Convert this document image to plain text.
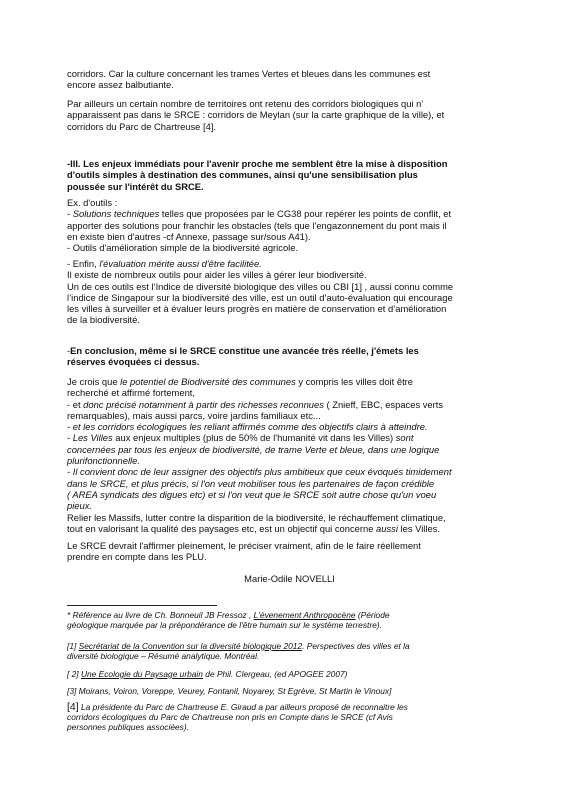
corridors. Car la culture concernant les trames Vertes et bleues dans les communes est

encore assez balbutiante.

Par ailleurs un certain nombre de territoires ont retenu des corridors biologiques qui n'

apparaissent pas dans le SRCE : corridors de Meylan (sur la carte graphique de la ville), et

corridors du Parc de Chartreuse [4].

-III. Les enjeux immédiats pour l'avenir proche me semblent être la mise à disposition

d'outils simples à destination des communes, ainsi qu'une sensibilisation plus

poussée sur l'intérêt du SRCE.

Ex. d'outils :

- Solutions techniques telles que proposées par le CG38 pour repérer les points de conflit, et

apporter des solutions pour franchir les obstacles (tels que l'engazonnement du pont mais il

en existe bien d'autres -cf Annexe, passage sur/sous A41).

- Outils d'amélioration simple de la biodiversité agricole.

- Enfin, l'évaluation mérite aussi d'être facilitée.

Il existe de nombreux outils pour aider les villes à gérer leur biodiversité.

Un de ces outils est l’Indice de diversité biologique des villes ou CBI [1] , aussi connu comme

l’indice de Singapour sur la biodiversité des ville, est un outil d’auto-évaluation qui encourage

les villes à surveiller et à évaluer leurs progrès en matière de conservation et d’amélioration

de la biodiversité.

-En conclusion, même si le SRCE constitue une avancée très réelle, j'émets les

réserves évoquées ci dessus.

Je crois que le potentiel de Biodiversité des communes y compris les villes doit être

recherché et affirmé fortement,

- et donc précisé notamment à partir des richesses reconnues ( Znieff, EBC, espaces verts

remarquables), mais aussi parcs, voire jardins familiaux etc...

- et les corridors écologiques les reliant affirmés comme des objectifs clairs à atteindre.

- Les Villes aux enjeux multiples (plus de 50% de l'humanité vit dans les Villes) sont

concernées par tous les enjeux de biodiversité, de trame Verte et bleue, dans une logique

plurifonctionnelle.

- Il convient donc de leur assigner des objectifs plus ambitieux que ceux évoqués timidement

dans le SRCE, et plus précis, si l'on veut mobiliser tous les partenaires de façon crédible

( AREA syndicats des digues etc) et si l'on veut que le SRCE soit autre chose qu'un voeu

pieux.

Relier les Massifs, lutter contre la disparition de la biodiversité, le réchauffement climatique,

tout en valorisant la qualité des paysages etc, est un objectif qui concerne aussi les Villes.

Le SRCE devrait l'affirmer pleinement, le préciser vraiment, afin de le faire réellement

prendre en compte dans les PLU.

Marie-Odile NOVELLI

* Référence au livre de Ch. Bonneuil JB Fressoz , L'évenement Anthropocène (Période

géologique marquée par la prépondérance de l'être humain sur le système terrestre).

[1] Secrétariat de la Convention sur la diversité biologique 2012. Perspectives des villes et la

diversité biologique – Résumé analytique. Montréal.

[ 2] Une Ecologie du Paysage urbain de Phil. Clergeau, (ed APOGEE 2007)

[3] Moirans, Voiron, Voreppe, Veurey, Fontanil, Noyarey, St Egrève, St Martin le Vinoux]

[4] La présidente du Parc de Chartreuse E. Giraud a par ailleurs proposé de reconnaitre les

corridors écologiques du Parc de Chartreuse non pris en Compte dans le SRCE (cf Avis

personnes publiques associées).
